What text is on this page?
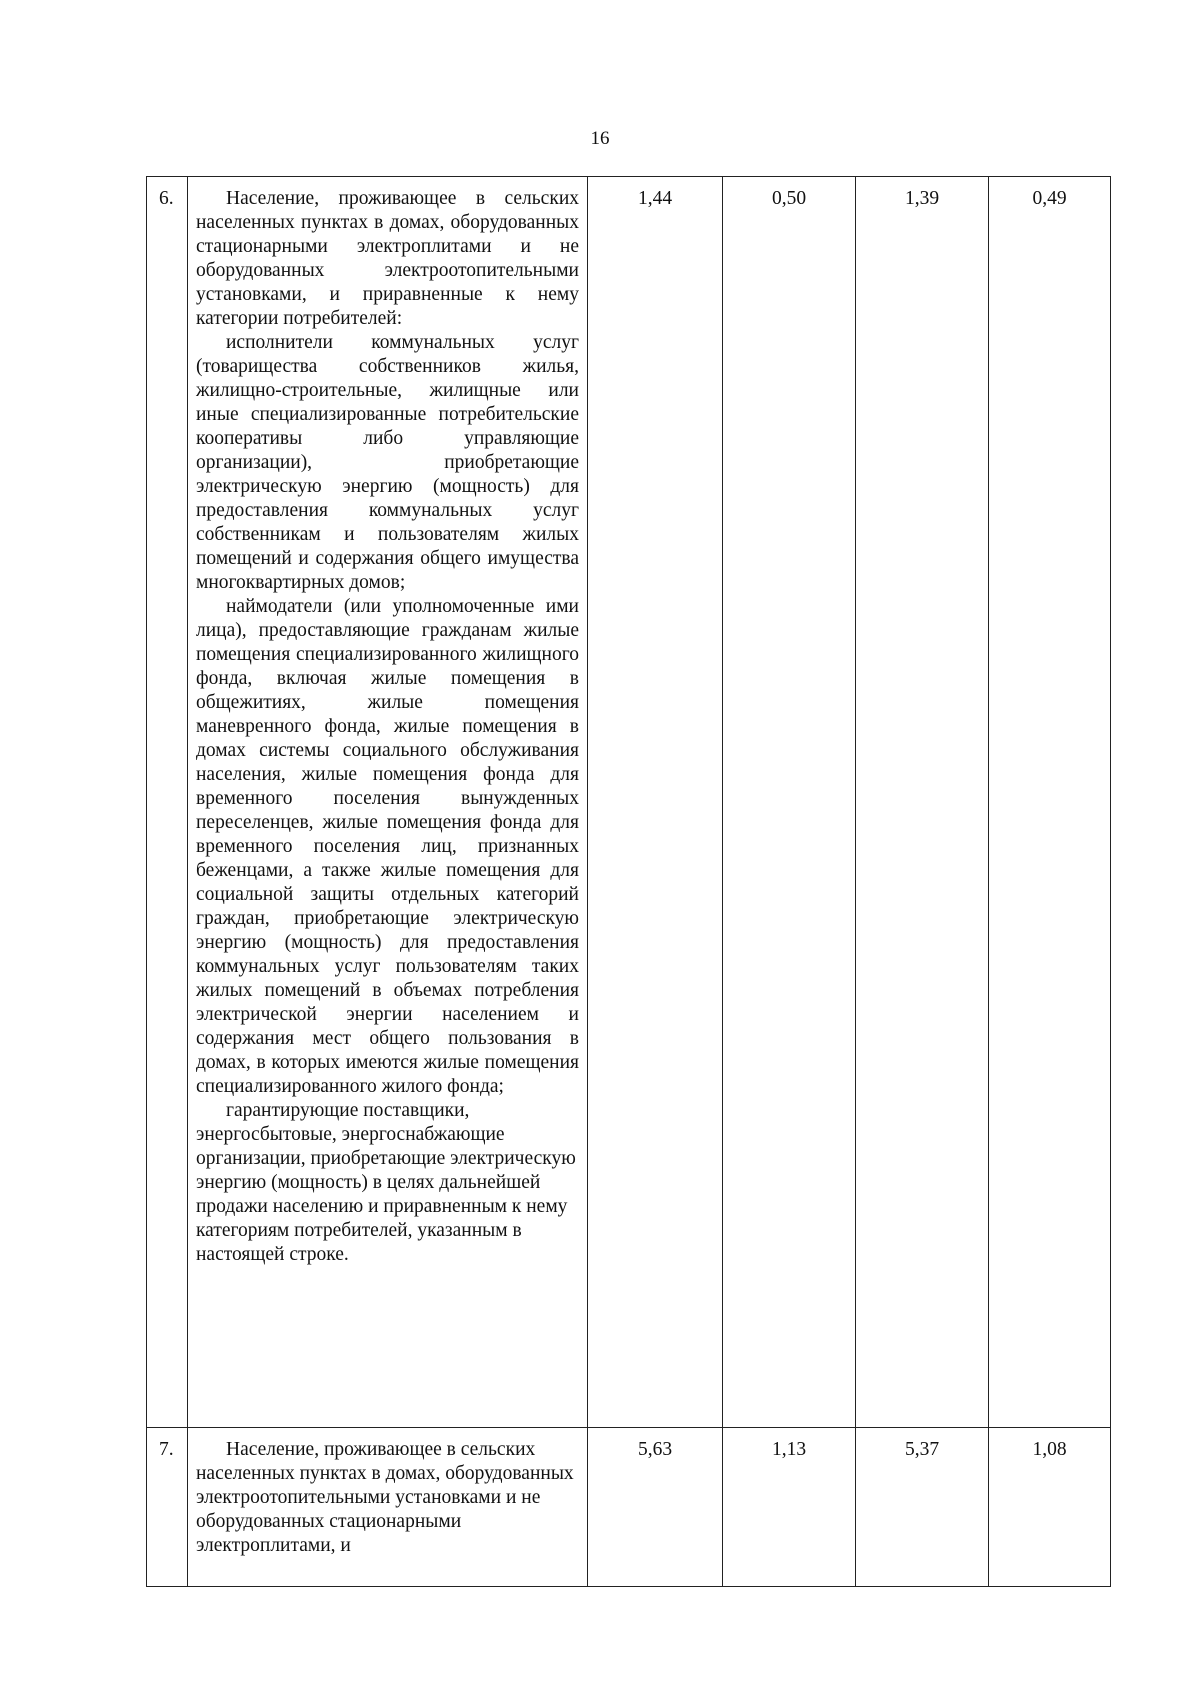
16
6.	Население, проживающее в сельских населенных пунктах в домах, оборудованных стационарными электроплитами и не оборудованных электроотопительными установками, и приравненные к нему категории потребителей:

исполнители коммунальных услуг (товарищества собственников жилья, жилищно-строительные, жилищные или иные специализированные потребительские кооперативы либо управляющие организации), приобретающие электрическую энергию (мощность) для предоставления коммунальных услуг собственникам и пользователям жилых помещений и содержания общего имущества многоквартирных домов;

наймодатели (или уполномоченные ими лица), предоставляющие гражданам жилые помещения специализированного жилищного фонда, включая жилые помещения в общежитиях, жилые помещения маневренного фонда, жилые помещения в домах системы социального обслуживания населения, жилые помещения фонда для временного поселения вынужденных переселенцев, жилые помещения фонда для временного поселения лиц, признанных беженцами, а также жилые помещения для социальной защиты отдельных категорий граждан, приобретающие электрическую энергию (мощность) для предоставления коммунальных услуг пользователям таких жилых помещений в объемах потребления электрической энергии населением и содержания мест общего пользования в домах, в которых имеются жилые помещения специализированного жилого фонда;

гарантирующие поставщики, энергосбытовые, энергоснабжающие организации, приобретающие электрическую энергию (мощность) в целях дальнейшей продажи населению и приравненным к нему категориям потребителей, указанным в настоящей строке.	1,44	0,50	1,39	0,49
7.	Население, проживающее в сельских населенных пунктах в домах, оборудованных электроотопительными установками и не оборудованных стационарными электроплитами, и	5,63	1,13	5,37	1,08
